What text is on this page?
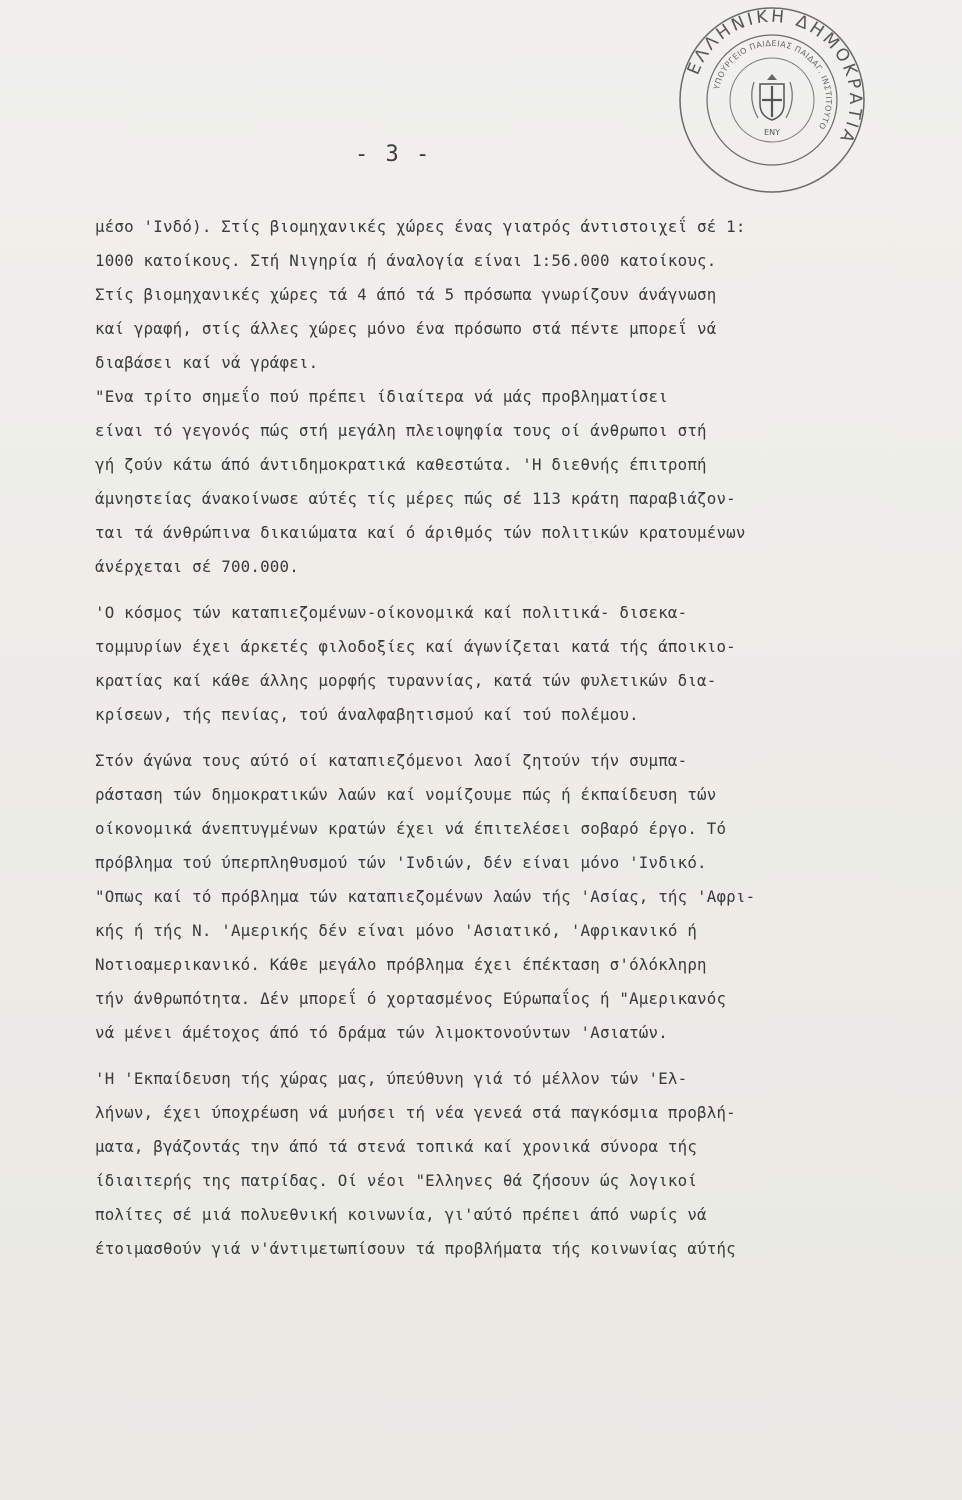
ΕΛΛΗΝΙΚΗ ΔΗΜΟΚΡΑΤΙΑ
ΥΠΟΥΡΓΕΙΟ ΠΑΙΔΕΙΑΣ ΠΑΙΔΑΓ. ΙΝΣΤΙΤΟΥΤΟ
ΕΝΥ
- 3 -
μέσο 'Ινδό). Στίς βιομηχανικές χώρες ένας γιατρός άντιστοιχεΐ σέ 1:
1000 κατοίκους. Στή Νιγηρία ή άναλογία είναι 1:56.000 κατοίκους.
Στίς βιομηχανικές χώρες τά 4 άπό τά 5 πρόσωπα γνωρίζουν άνάγνωση
καί γραφή, στίς άλλες χώρες μόνο ένα πρόσωπο στά πέντε μπορεΐ νά
διαβάσει καί νά γράφει.
"Ενα τρίτο σημεΐο πού πρέπει ίδιαίτερα νά μάς προβληματίσει
είναι τό γεγονός πώς στή μεγάλη πλειοψηφία τους οί άνθρωποι στή
γή ζούν κάτω άπό άντιδημοκρατικά καθεστώτα. 'Η διεθνής έπιτροπή
άμνηστείας άνακοίνωσε αύτές τίς μέρες πώς σέ 113 κράτη παραβιάζον-
ται τά άνθρώπινα δικαιώματα καί ό άριθμός τών πολιτικών κρατουμένων
άνέρχεται σέ 700.000.
'Ο κόσμος τών καταπιεζομένων-οίκονομικά καί πολιτικά- δισεκα-
τομμυρίων έχει άρκετές φιλοδοξίες καί άγωνίζεται κατά τής άποικιο-
κρατίας καί κάθε άλλης μορφής τυραννίας, κατά τών φυλετικών δια-
κρίσεων, τής πενίας, τού άναλφαβητισμού καί τού πολέμου.
Στόν άγώνα τους αύτό οί καταπιεζόμενοι λαοί ζητούν τήν συμπα-
ράσταση τών δημοκρατικών λαών καί νομίζουμε πώς ή έκπαίδευση τών
οίκονομικά άνεπτυγμένων κρατών έχει νά έπιτελέσει σοβαρό έργο. Τό
πρόβλημα τού ύπερπληθυσμού τών 'Ινδιών, δέν είναι μόνο 'Ινδικό.
"Οπως καί τό πρόβλημα τών καταπιεζομένων λαών τής 'Ασίας, τής 'Αφρι-
κής ή τής Ν. 'Αμερικής δέν είναι μόνο 'Ασιατικό, 'Αφρικανικό ή
Νοτιοαμερικανικό. Κάθε μεγάλο πρόβλημα έχει έπέκταση σ'όλόκληρη
τήν άνθρωπότητα. Δέν μπορεΐ ό χορτασμένος Εύρωπαΐος ή "Αμερικανός
νά μένει άμέτοχος άπό τό δράμα τών λιμοκτονούντων 'Ασιατών.
'Η 'Εκπαίδευση τής χώρας μας, ύπεύθυνη γιά τό μέλλον τών 'Ελ-
λήνων, έχει ύποχρέωση νά μυήσει τή νέα γενεά στά παγκόσμια προβλή-
ματα, βγάζοντάς την άπό τά στενά τοπικά καί χρονικά σύνορα τής
ίδιαιτερής της πατρίδας. Οί νέοι "Ελληνες θά ζήσουν ώς λογικοί
πολίτες σέ μιά πολυεθνική κοινωνία, γι'αύτό πρέπει άπό νωρίς νά
έτοιμασθούν γιά ν'άντιμετωπίσουν τά προβλήματα τής κοινωνίας αύτής
